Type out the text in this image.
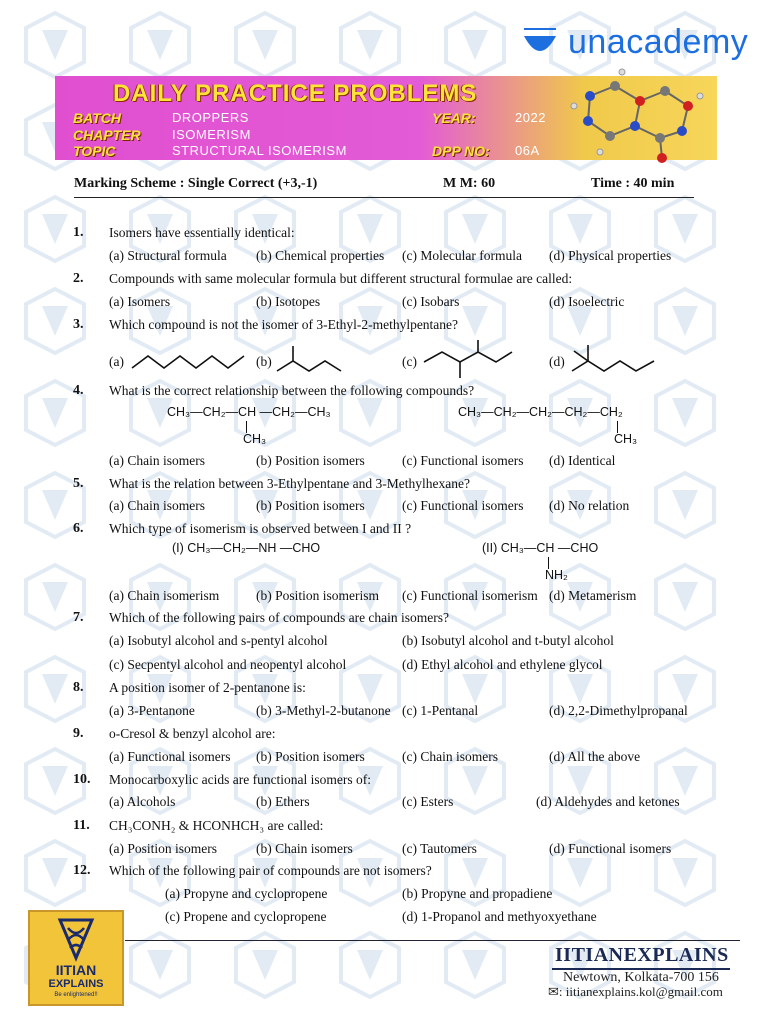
unacademy
DAILY PRACTICE PROBLEMS
BATCH	DROPPERS
CHAPTER ISOMERISM
TOPIC	STRUCTURAL ISOMERISM
YEAR:	2022
DPP NO: 06A
Marking Scheme : Single Correct (+3,-1)	M M: 60	Time : 40 min
1. Isomers have essentially identical:
(a) Structural formula (b) Chemical properties (c) Molecular formula (d) Physical properties
2. Compounds with same molecular formula but different structural formulae are called:
(a) Isomers	(b) Isotopes	(c) Isobars	(d) Isoelectric
3. Which compound is not the isomer of 3-Ethyl-2-methylpentane?
(a)	(b)	(c)	(d)
4. What is the correct relationship between the following compounds?
CH₃—CH₂—CH —CH₂—CH₃
CH₃
CH₃—CH₂—CH₂—CH₂—CH₂
CH₃
(a) Chain isomers	(b) Position isomers	(c) Functional isomers (d) Identical
5. What is the relation between 3-Ethylpentane and 3-Methylhexane?
(a) Chain isomers	(b) Position isomers	(c) Functional isomers (d) No relation
6. Which type of isomerism is observed between I and II ?
(I) CH₃—CH₂—NH —CHO	(II) CH₃—CH —CHO
NH₂
(a) Chain isomerism	(b) Position isomerism (c) Functional isomerism (d) Metamerism
7. Which of the following pairs of compounds are chain isomers?
(a) Isobutyl alcohol and s-pentyl alcohol	(b) Isobutyl alcohol and t-butyl alcohol
(c) Secpentyl alcohol and neopentyl alcohol	(d) Ethyl alcohol and ethylene glycol
8. A position isomer of 2-pentanone is:
(a) 3-Pentanone	(b) 3-Methyl-2-butanone (c) 1-Pentanal	(d) 2,2-Dimethylpropanal
9. o-Cresol & benzyl alcohol are:
(a) Functional isomers (b) Position isomers	(c) Chain isomers	(d) All the above
10. Monocarboxylic acids are functional isomers of:
(a) Alcohols	(b) Ethers	(c) Esters	(d) Aldehydes and ketones
11. CH₃CONH₂ & HCONHCH₃ are called:
(a) Position isomers	(b) Chain isomers	(c) Tautomers	(d) Functional isomers
12. Which of the following pair of compounds are not isomers?
(a) Propyne and cyclopropene	(b) Propyne and propadiene
(c) Propene and cyclopropene	(d) 1-Propanol and methyoxyethane
IITIAN
EXPLAINS
Be enlightened!!
IITIANEXPLAINS
Newtown, Kolkata-700 156
✉: iitianexplains.kol@gmail.com
